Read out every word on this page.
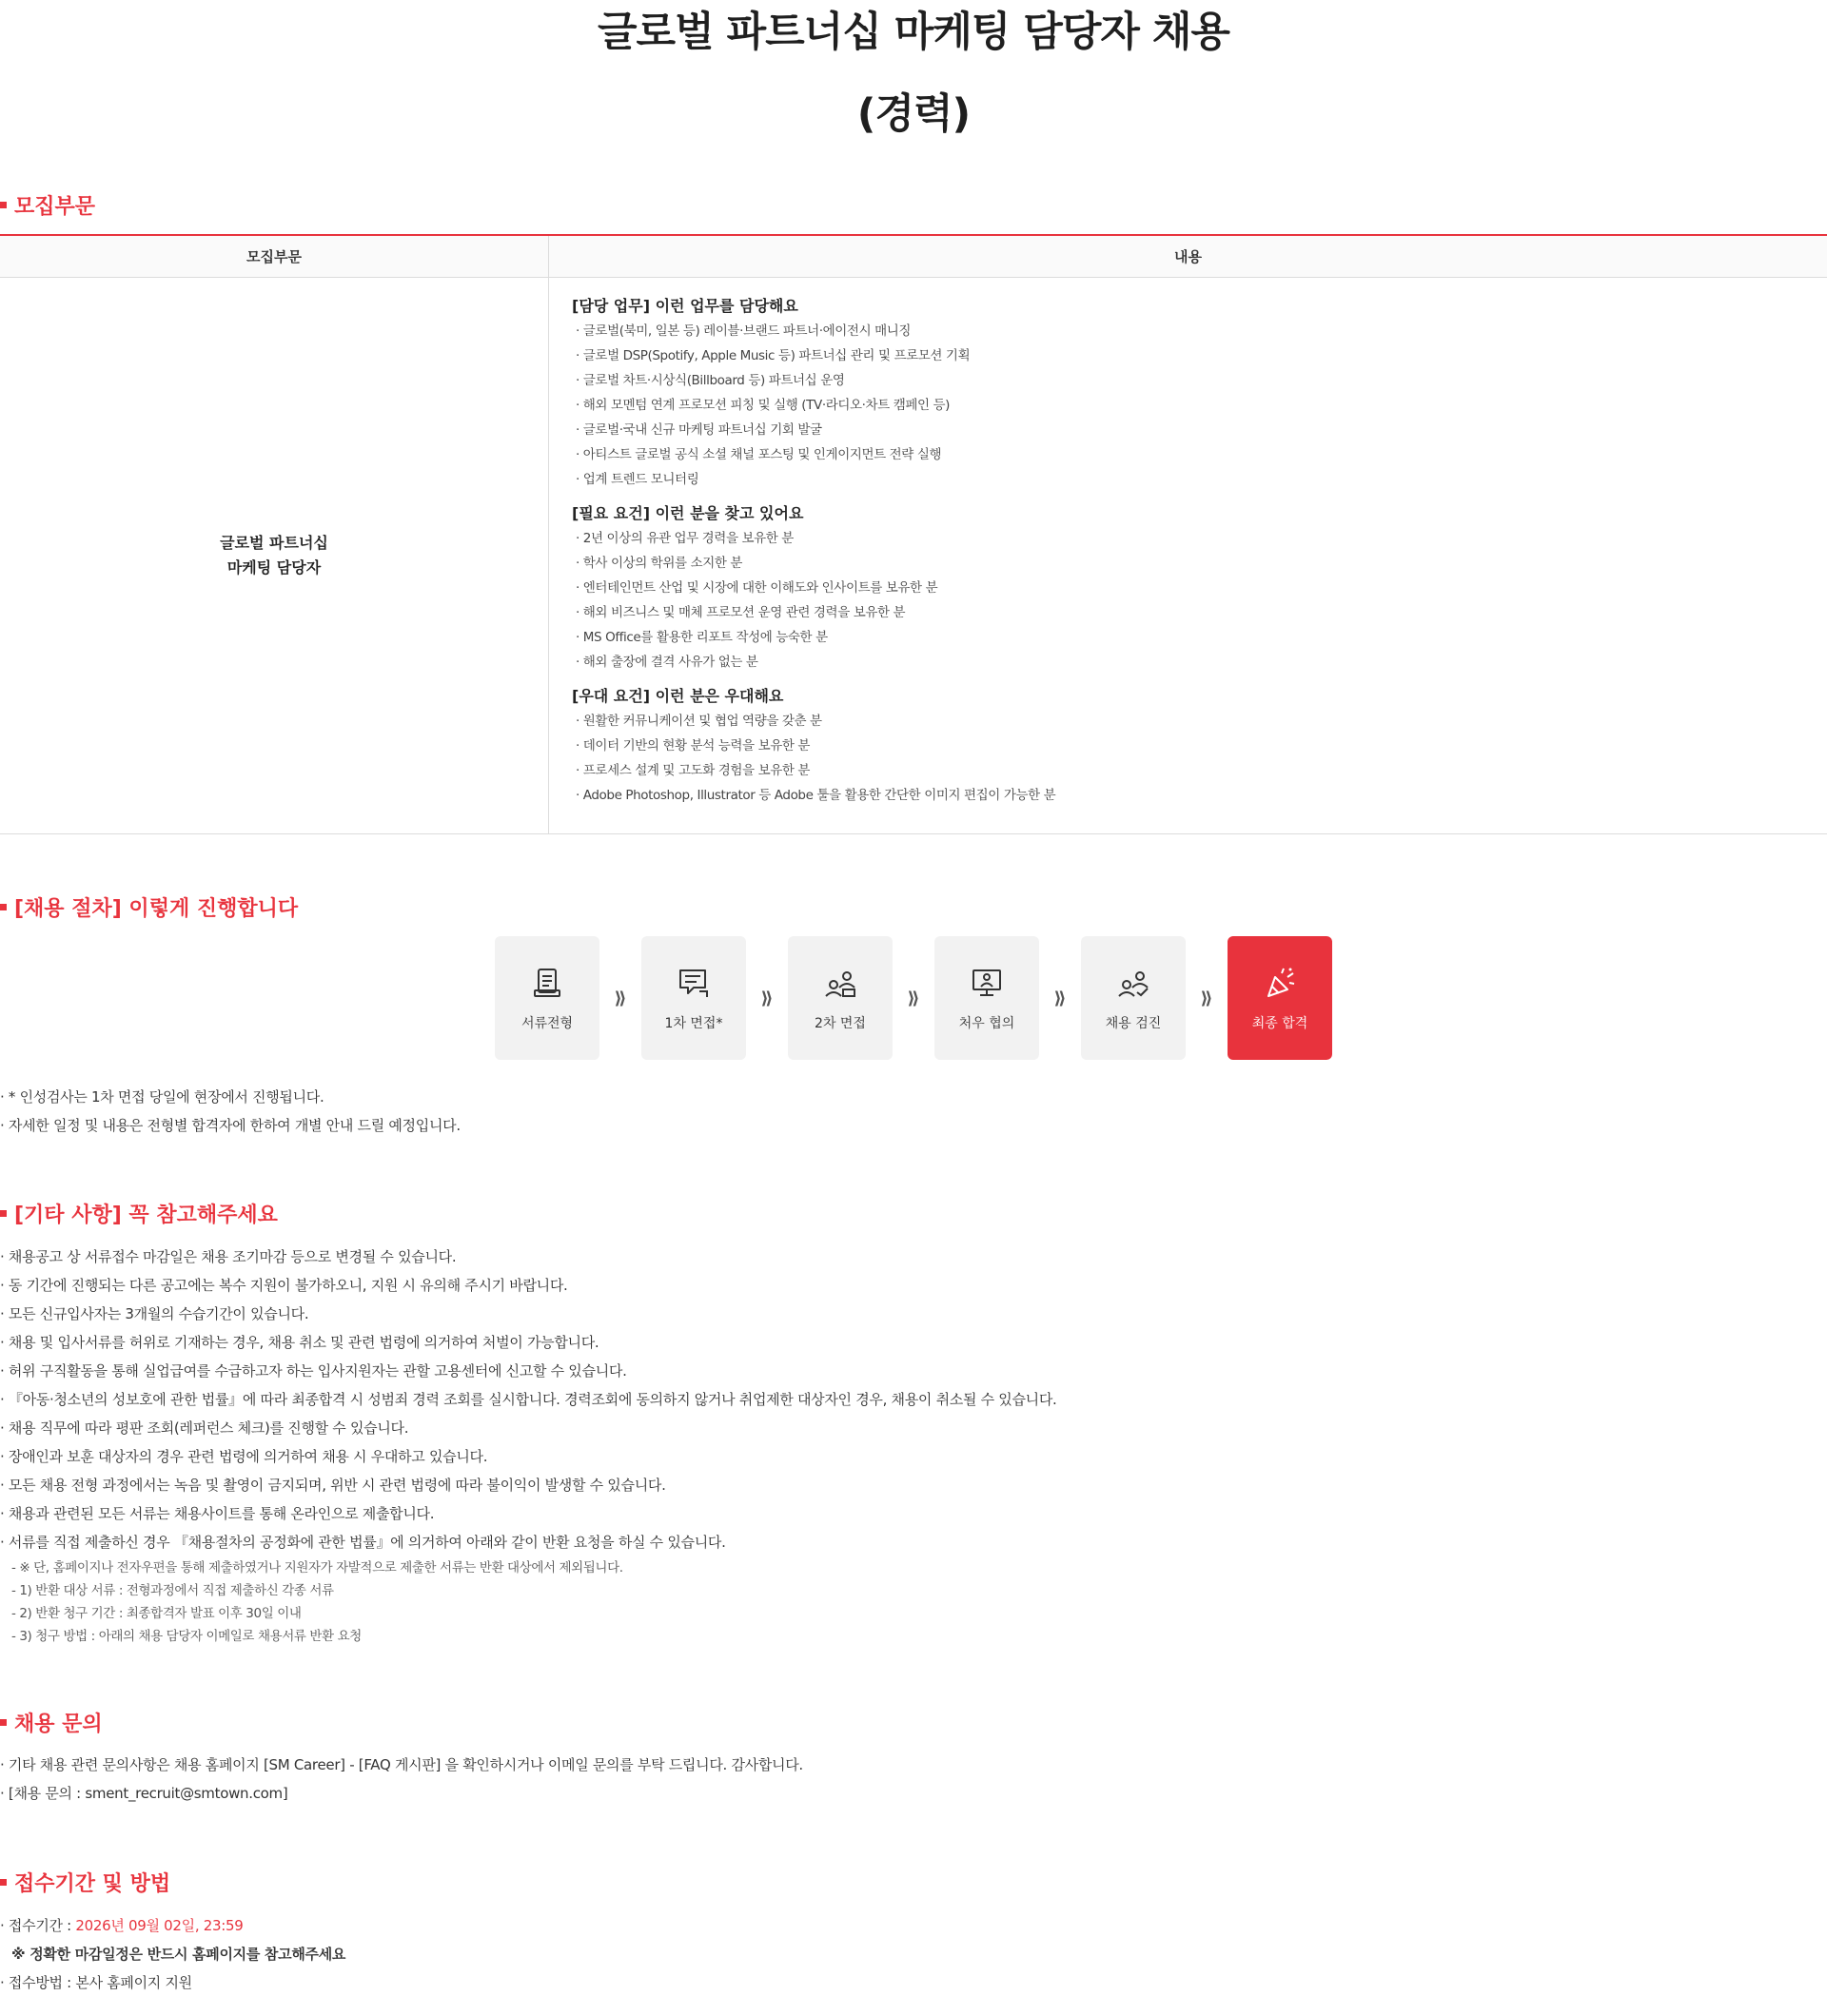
글로벌 파트너십 마케팅 담당자 채용
(경력)
모집부문
모집부문	내용
글로벌 파트너십
마케팅 담당자
[담당 업무] 이런 업무를 담당해요
· 글로벌(북미, 일본 등) 레이블·브랜드 파트너·에이전시 매니징
· 글로벌 DSP(Spotify, Apple Music 등) 파트너십 관리 및 프로모션 기획
· 글로벌 차트·시상식(Billboard 등) 파트너십 운영
· 해외 모멘텀 연계 프로모션 피칭 및 실행 (TV·라디오·차트 캠페인 등)
· 글로벌·국내 신규 마케팅 파트너십 기회 발굴
· 아티스트 글로벌 공식 소셜 채널 포스팅 및 인게이지먼트 전략 실행
· 업계 트렌드 모니터링
[필요 요건] 이런 분을 찾고 있어요
· 2년 이상의 유관 업무 경력을 보유한 분
· 학사 이상의 학위를 소지한 분
· 엔터테인먼트 산업 및 시장에 대한 이해도와 인사이트를 보유한 분
· 해외 비즈니스 및 매체 프로모션 운영 관련 경력을 보유한 분
· MS Office를 활용한 리포트 작성에 능숙한 분
· 해외 출장에 결격 사유가 없는 분
[우대 요건] 이런 분은 우대해요
· 원활한 커뮤니케이션 및 협업 역량을 갖춘 분
· 데이터 기반의 현황 분석 능력을 보유한 분
· 프로세스 설계 및 고도화 경험을 보유한 분
· Adobe Photoshop, Illustrator 등 Adobe 툴을 활용한 간단한 이미지 편집이 가능한 분
[채용 절차] 이렇게 진행합니다
서류전형
⟫
1차 면접*
⟫
2차 면접
⟫
처우 협의
⟫
채용 검진
⟫
최종 합격
· * 인성검사는 1차 면접 당일에 현장에서 진행됩니다.
· 자세한 일정 및 내용은 전형별 합격자에 한하여 개별 안내 드릴 예정입니다.
[기타 사항] 꼭 참고해주세요
· 채용공고 상 서류접수 마감일은 채용 조기마감 등으로 변경될 수 있습니다.
· 동 기간에 진행되는 다른 공고에는 복수 지원이 불가하오니, 지원 시 유의해 주시기 바랍니다.
· 모든 신규입사자는 3개월의 수습기간이 있습니다.
· 채용 및 입사서류를 허위로 기재하는 경우, 채용 취소 및 관련 법령에 의거하여 처벌이 가능합니다.
· 허위 구직활동을 통해 실업급여를 수급하고자 하는 입사지원자는 관할 고용센터에 신고할 수 있습니다.
· 『아동·청소년의 성보호에 관한 법률』에 따라 최종합격 시 성범죄 경력 조회를 실시합니다. 경력조회에 동의하지 않거나 취업제한 대상자인 경우, 채용이 취소될 수 있습니다.
· 채용 직무에 따라 평판 조회(레퍼런스 체크)를 진행할 수 있습니다.
· 장애인과 보훈 대상자의 경우 관련 법령에 의거하여 채용 시 우대하고 있습니다.
· 모든 채용 전형 과정에서는 녹음 및 촬영이 금지되며, 위반 시 관련 법령에 따라 불이익이 발생할 수 있습니다.
· 채용과 관련된 모든 서류는 채용사이트를 통해 온라인으로 제출합니다.
· 서류를 직접 제출하신 경우 『채용절차의 공정화에 관한 법률』에 의거하여 아래와 같이 반환 요청을 하실 수 있습니다.
- ※ 단, 홈페이지나 전자우편을 통해 제출하였거나 지원자가 자발적으로 제출한 서류는 반환 대상에서 제외됩니다.
- 1) 반환 대상 서류 : 전형과정에서 직접 제출하신 각종 서류
- 2) 반환 청구 기간 : 최종합격자 발표 이후 30일 이내
- 3) 청구 방법 : 아래의 채용 담당자 이메일로 채용서류 반환 요청
채용 문의
· 기타 채용 관련 문의사항은 채용 홈페이지 [SM Career] - [FAQ 게시판] 을 확인하시거나 이메일 문의를 부탁 드립니다. 감사합니다.
· [채용 문의 : sment_recruit@smtown.com]
접수기간 및 방법
· 접수기간 : 2026년 09월 02일, 23:59
※ 정확한 마감일정은 반드시 홈페이지를 참고해주세요
· 접수방법 : 본사 홈페이지 지원
